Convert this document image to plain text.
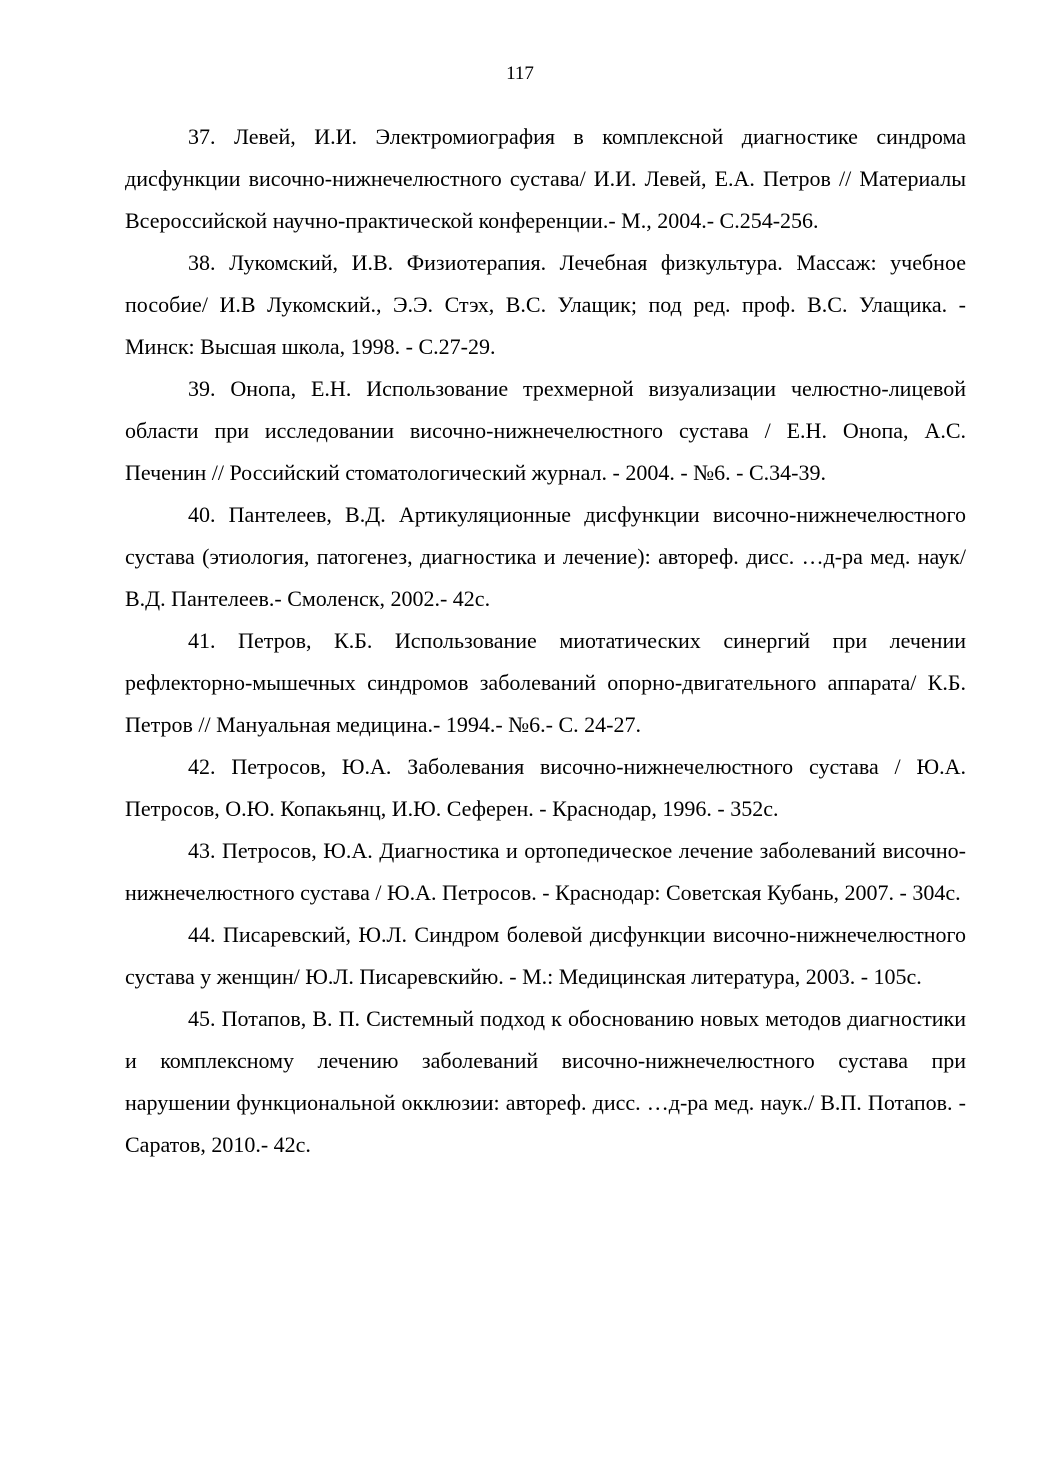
117

37. Левей, И.И. Электромиография в комплексной диагностике синдрома дисфункции височно-нижнечелюстного сустава/ И.И. Левей, Е.А. Петров // Материалы Всероссийской научно-практической конференции.- М., 2004.- С.254-256.

38. Лукомский, И.В. Физиотерапия. Лечебная физкультура. Массаж: учебное пособие/ И.В Лукомский., Э.Э. Стэх, В.С. Улащик; под ред. проф. В.С. Улащика. - Минск: Высшая школа, 1998. - С.27-29.

39. Онопа, Е.Н. Использование трехмерной визуализации челюстно-лицевой области при исследовании височно-нижнечелюстного сустава / Е.Н. Онопа, А.С. Печенин // Российский стоматологический журнал. - 2004. - №6. - С.34-39.

40. Пантелеев, В.Д. Артикуляционные дисфункции височно-нижнечелюстного сустава (этиология, патогенез, диагностика и лечение): автореф. дисс. …д-ра мед. наук/ В.Д. Пантелеев.- Смоленск, 2002.- 42с.

41. Петров, К.Б. Использование миотатических синергий при лечении рефлекторно-мышечных синдромов заболеваний опорно-двигательного аппарата/ К.Б. Петров // Мануальная медицина.- 1994.- №6.- С. 24-27.

42. Петросов, Ю.А. Заболевания височно-нижнечелюстного сустава / Ю.А. Петросов, О.Ю. Копакьянц, И.Ю. Сеферен. - Краснодар, 1996. - 352с.

43. Петросов, Ю.А. Диагностика и ортопедическое лечение заболеваний височно-нижнечелюстного сустава / Ю.А. Петросов. - Краснодар: Советская Кубань, 2007. - 304с.

44. Писаревский, Ю.Л. Синдром болевой дисфункции височно-нижнечелюстного сустава у женщин/ Ю.Л. Писаревскийю. - М.: Медицинская литература, 2003. - 105с.

45. Потапов, В. П. Системный подход к обоснованию новых методов диагностики и комплексному лечению заболеваний височно-нижнечелюстного сустава при нарушении функциональной окклюзии: автореф. дисс. …д-ра мед. наук./ В.П. Потапов. - Саратов, 2010.- 42с.
